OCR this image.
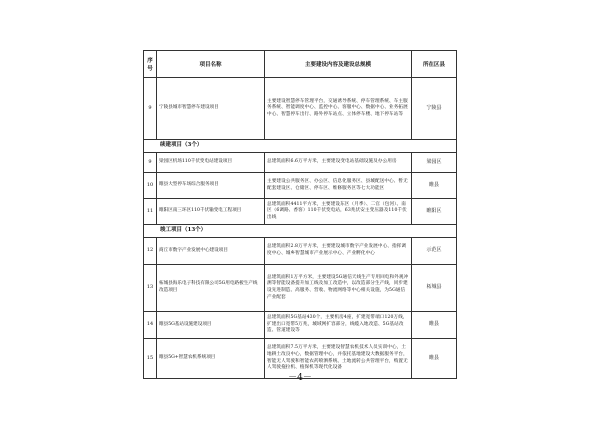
序号	项目名称	主要建设内容及建设总规模	所在区县
9	宁陵县城市智慧停车建设项目	主要建设智慧停车管理平台，交通诱导系统、停车管理系统、车主服务系统、智能调度中心、监控中心、客服中心、数据中心、业务拓展中心、智慧停车出行、路外停车站点、立体停车楼、地下停车站等	宁陵县
续建项目（3个）			
9	梁园区机场110千伏变电站建设项目	总建筑面积6.6万平方米，主要建设变电站基础设施及办公用房	梁园区
10	睢县大型停车场综合服务项目	主要建设公共服务区、办公区、信息化服务区、县城配送中心、暂无配套建设区、仓储区、停车区、维修服务区等七大功能区	睢县
11	睢阳区南三环区110千伏输变电工程项目	总建筑面积4411平方米，主要建设东区（月季）、二官（包河）、南区（6调路、香客）110千伏变电站，63兆伏安主变压器及110千伏出线	睢阳区
竣工项目（13个）			
12	商丘市数字产业发展中心建设项目	总建筑面积2.8万平方米，主要建设城市数字产业发展中心、指挥调度中心、城乡智慧城市产业展示中心、产业孵化中心	示范区
13	柘城县海乐电子科技有限公司5G用电路板生产线改造项目	总建筑面积1万平方米，主要建设5G通信天线生产专用回电和外观冲测等智能设备提升加工线及加工改造中，以改造部分生产线，同步建设先进制造、高服务、营收、物流网络等中心相关设施，为5G通信产业配套	柘城县
14	睢县5G基站设施建设项目	总建筑面积5G基站430个，主要机房4座，扩建宽带端口120万线，扩建出口宽带5万兆，城域网扩容部分，线缆入地改造、5G基站改造、管道建设等	睢县
15	睢县5G+智慧农机系统项目	总建筑面积7.5万平方米，主要建设智慧农机技术人员实训中心，土地耕土改良中心，数据管理中心，并依托基地建设大数据服务平台，智能无人驾驶和智能农药喷洒系统、土地流转公共管理平台，购置无人驾驶拖拉机、植保机等现代化设备	睢县
－4－
